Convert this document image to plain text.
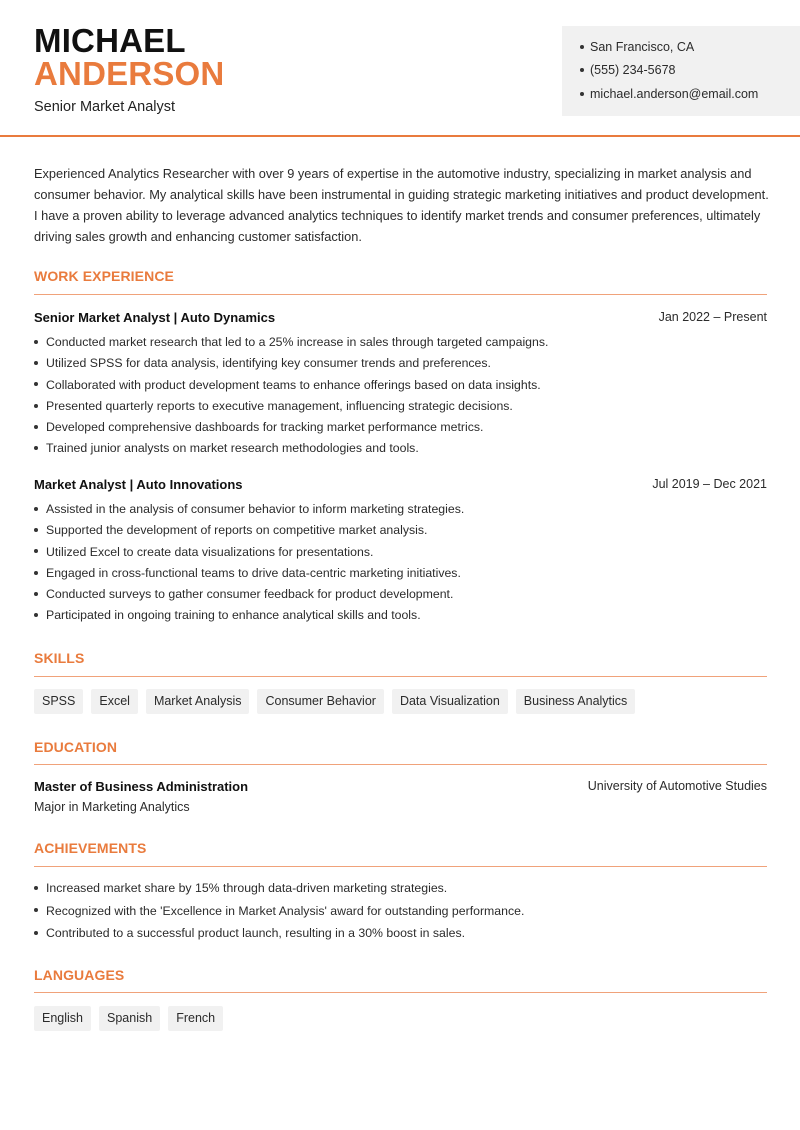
MICHAEL
ANDERSON
Senior Market Analyst
San Francisco, CA
(555) 234-5678
michael.anderson@email.com

Experienced Analytics Researcher with over 9 years of expertise in the automotive industry, specializing in market analysis and consumer behavior. My analytical skills have been instrumental in guiding strategic marketing initiatives and product development. I have a proven ability to leverage advanced analytics techniques to identify market trends and consumer preferences, ultimately driving sales growth and enhancing customer satisfaction.

WORK EXPERIENCE
Senior Market Analyst | Auto Dynamics	Jan 2022 – Present
Conducted market research that led to a 25% increase in sales through targeted campaigns.
Utilized SPSS for data analysis, identifying key consumer trends and preferences.
Collaborated with product development teams to enhance offerings based on data insights.
Presented quarterly reports to executive management, influencing strategic decisions.
Developed comprehensive dashboards for tracking market performance metrics.
Trained junior analysts on market research methodologies and tools.
Market Analyst | Auto Innovations	Jul 2019 – Dec 2021
Assisted in the analysis of consumer behavior to inform marketing strategies.
Supported the development of reports on competitive market analysis.
Utilized Excel to create data visualizations for presentations.
Engaged in cross-functional teams to drive data-centric marketing initiatives.
Conducted surveys to gather consumer feedback for product development.
Participated in ongoing training to enhance analytical skills and tools.
SKILLS
SPSS	Excel	Market Analysis	Consumer Behavior	Data Visualization	Business Analytics
EDUCATION
Master of Business Administration	University of Automotive Studies
Major in Marketing Analytics
ACHIEVEMENTS
Increased market share by 15% through data-driven marketing strategies.
Recognized with the 'Excellence in Market Analysis' award for outstanding performance.
Contributed to a successful product launch, resulting in a 30% boost in sales.
LANGUAGES
English	Spanish	French
